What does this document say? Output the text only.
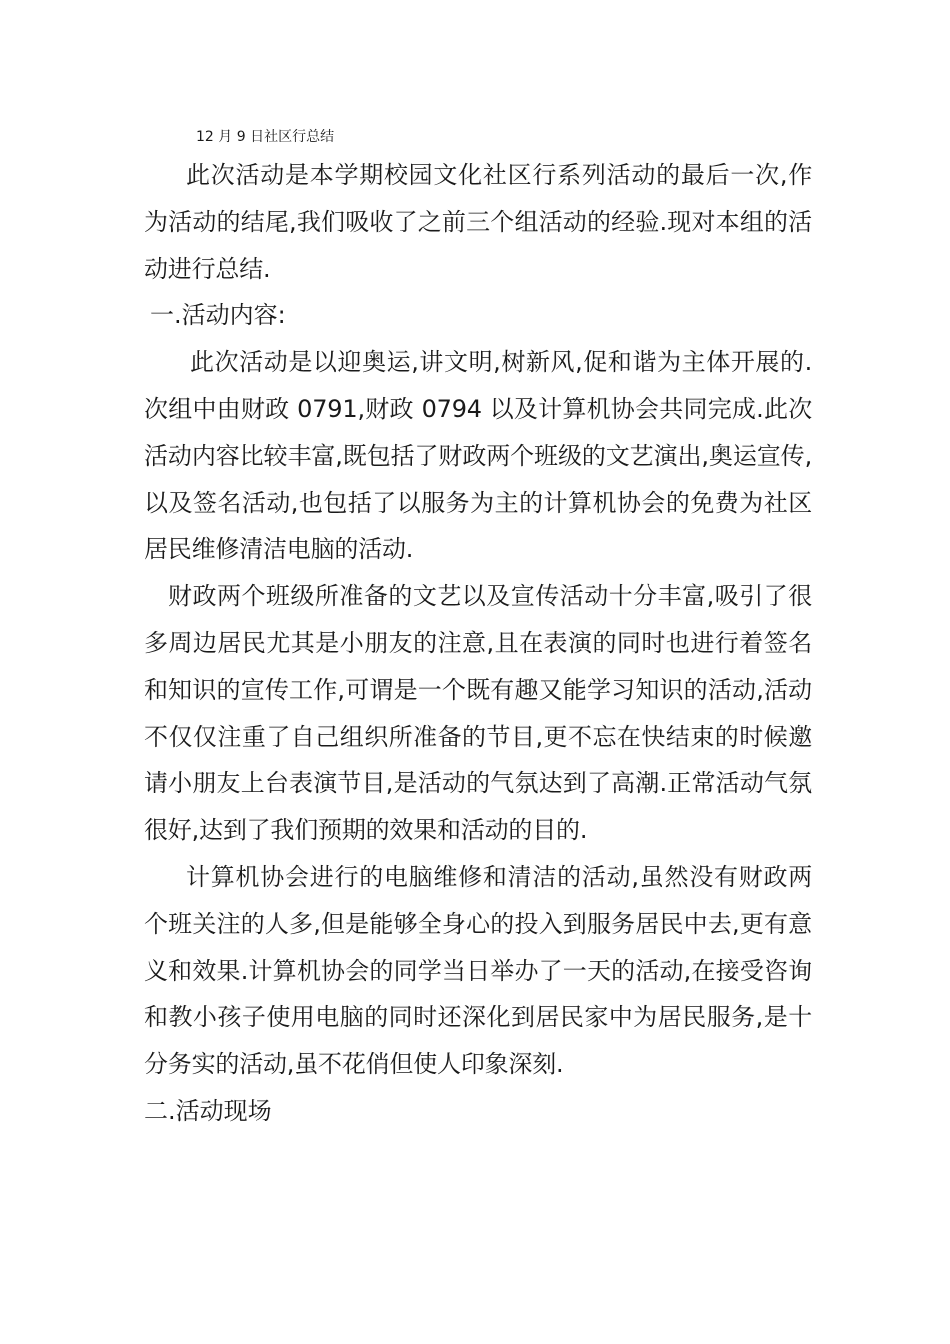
12 月 9 日社区行总结

此次活动是本学期校园文化社区行系列活动的最后一次,作为活动的结尾,我们吸收了之前三个组活动的经验.现对本组的活动进行总结.

一.活动内容:

此次活动是以迎奥运,讲文明,树新风,促和谐为主体开展的.次组中由财政 0791,财政 0794 以及计算机协会共同完成.此次活动内容比较丰富,既包括了财政两个班级的文艺演出,奥运宣传,以及签名活动,也包括了以服务为主的计算机协会的免费为社区居民维修清洁电脑的活动.

财政两个班级所准备的文艺以及宣传活动十分丰富,吸引了很多周边居民尤其是小朋友的注意,且在表演的同时也进行着签名和知识的宣传工作,可谓是一个既有趣又能学习知识的活动,活动不仅仅注重了自己组织所准备的节目,更不忘在快结束的时候邀请小朋友上台表演节目,是活动的气氛达到了高潮.正常活动气氛很好,达到了我们预期的效果和活动的目的.

计算机协会进行的电脑维修和清洁的活动,虽然没有财政两个班关注的人多,但是能够全身心的投入到服务居民中去,更有意义和效果.计算机协会的同学当日举办了一天的活动,在接受咨询和教小孩子使用电脑的同时还深化到居民家中为居民服务,是十分务实的活动,虽不花俏但使人印象深刻.

二.活动现场
